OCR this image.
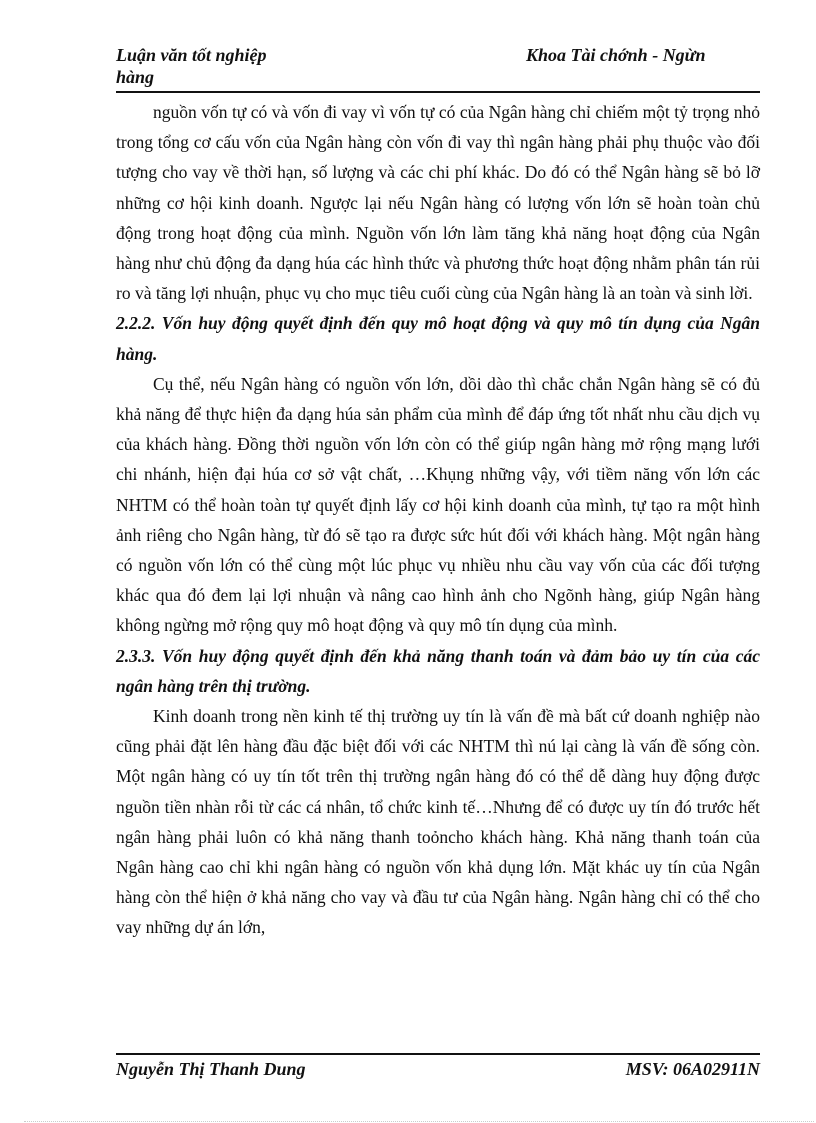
Luận văn tốt nghiệp
hàng
Khoa Tài chớnh - Ngừn

nguồn vốn tự có và vốn đi vay vì vốn tự có của Ngân hàng chỉ chiếm một tỷ trọng nhỏ trong tổng cơ cấu vốn của Ngân hàng còn vốn đi vay thì ngân hàng phải phụ thuộc vào đối tượng cho vay về thời hạn, số lượng và các chi phí khác. Do đó có thể Ngân hàng sẽ bỏ lỡ những cơ hội kinh doanh. Ngược lại nếu Ngân hàng có lượng vốn lớn sẽ hoàn toàn chủ động trong hoạt động của mình. Nguồn vốn lớn làm tăng khả năng hoạt động của Ngân hàng như chủ động đa dạng húa các hình thức và phương thức hoạt động nhằm phân tán rủi ro và tăng lợi nhuận, phục vụ cho mục tiêu cuối cùng của Ngân hàng là an toàn và sinh lời.

2.2.2. Vốn huy động quyết định đến quy mô hoạt động và quy mô tín dụng của Ngân hàng.

Cụ thể, nếu Ngân hàng có nguồn vốn lớn, dồi dào thì chắc chắn Ngân hàng sẽ có đủ khả năng để thực hiện đa dạng húa sản phẩm của mình để đáp ứng tốt nhất nhu cầu dịch vụ của khách hàng. Đồng thời nguồn vốn lớn còn có thể giúp ngân hàng mở rộng mạng lưới chi nhánh, hiện đại húa cơ sở vật chất, …Khụng những vậy, với tiềm năng vốn lớn các NHTM có thể hoàn toàn tự quyết định lấy cơ hội kinh doanh của mình, tự tạo ra một hình ảnh riêng cho Ngân hàng, từ đó sẽ tạo ra được sức hút đối với khách hàng. Một ngân hàng có nguồn vốn lớn có thể cùng một lúc phục vụ nhiều nhu cầu vay vốn của các đối tượng khác qua đó đem lại lợi nhuận và nâng cao hình ảnh cho Ngõnh hàng, giúp Ngân hàng không ngừng mở rộng quy mô hoạt động và quy mô tín dụng của mình.

2.3.3. Vốn huy động quyết định đến khả năng thanh toán và đảm bảo uy tín của các ngân hàng trên thị trường.

Kinh doanh trong nền kinh tế thị trường uy tín là vấn đề mà bất cứ doanh nghiệp nào cũng phải đặt lên hàng đầu đặc biệt đối với các NHTM thì nú lại càng là vấn đề sống còn. Một ngân hàng có uy tín tốt trên thị trường ngân hàng đó có thể dễ dàng huy động được nguồn tiền nhàn rỗi từ các cá nhân, tổ chức kinh tế…Nhưng để có được uy tín đó trước hết ngân hàng phải luôn có khả năng thanh toỏncho khách hàng. Khả năng thanh toán của Ngân hàng cao chỉ khi ngân hàng có nguồn vốn khả dụng lớn. Mặt khác uy tín của Ngân hàng còn thể hiện ở khả năng cho vay và đầu tư của Ngân hàng. Ngân hàng chỉ có thể cho vay những dự án lớn,

Nguyễn Thị Thanh Dung	MSV: 06A02911N
